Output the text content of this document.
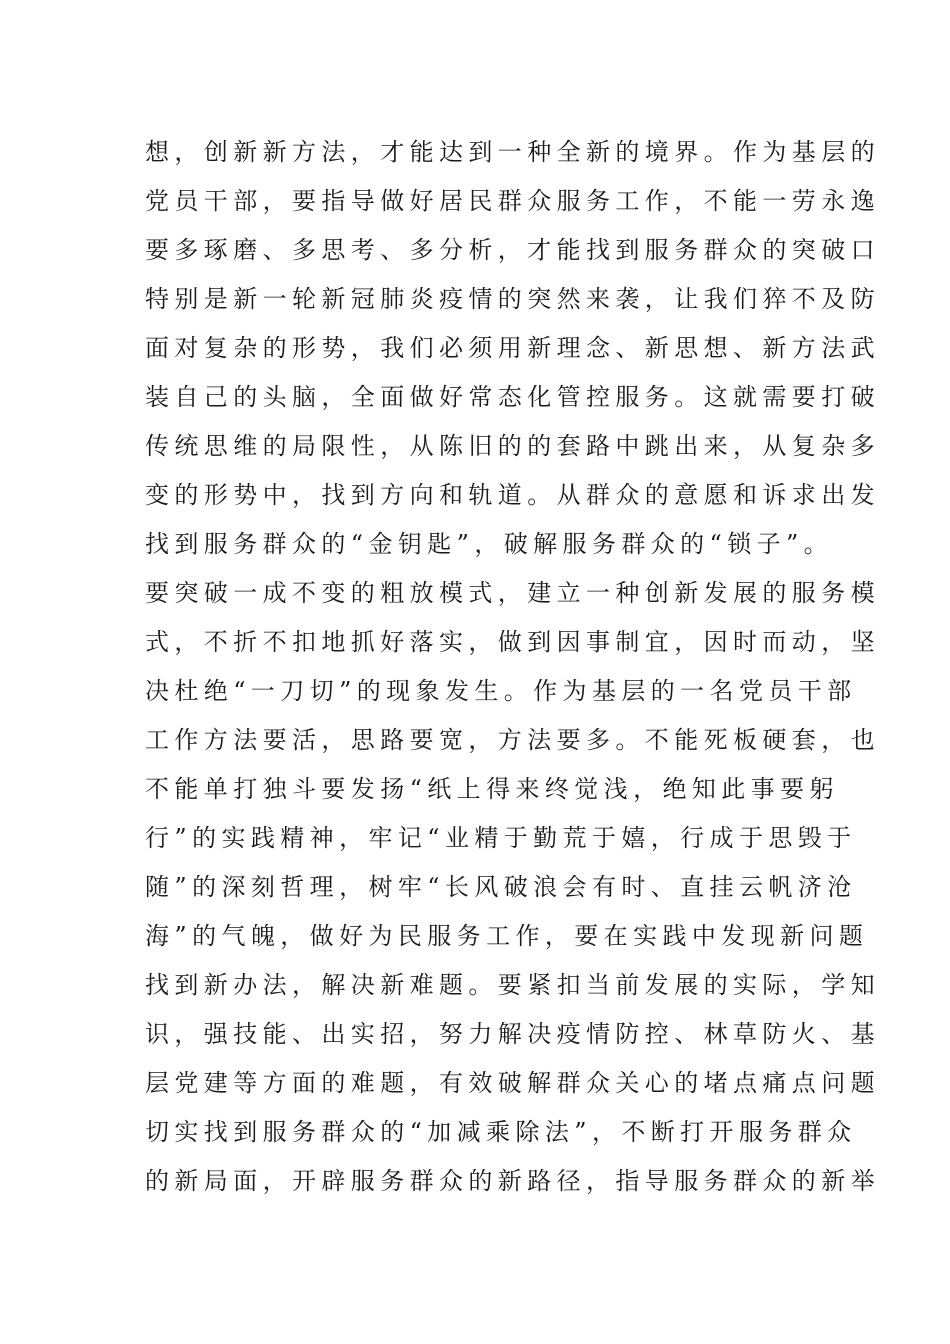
想，创新新方法，才能达到一种全新的境界。作为基层的
党员干部，要指导做好居民群众服务工作，不能一劳永逸
要多琢磨、多思考、多分析，才能找到服务群众的突破口
特别是新一轮新冠肺炎疫情的突然来袭，让我们猝不及防
面对复杂的形势，我们必须用新理念、新思想、新方法武
装自己的头脑，全面做好常态化管控服务。这就需要打破
传统思维的局限性，从陈旧的的套路中跳出来，从复杂多
变的形势中，找到方向和轨道。从群众的意愿和诉求出发
找到服务群众的“金钥匙”，破解服务群众的“锁子”。
要突破一成不变的粗放模式，建立一种创新发展的服务模
式，不折不扣地抓好落实，做到因事制宜，因时而动，坚
决杜绝“一刀切”的现象发生。作为基层的一名党员干部
工作方法要活，思路要宽，方法要多。不能死板硬套，也
不能单打独斗要发扬“纸上得来终觉浅，绝知此事要躬
行”的实践精神，牢记“业精于勤荒于嬉，行成于思毁于
随”的深刻哲理，树牢“长风破浪会有时、直挂云帆济沧
海”的气魄，做好为民服务工作，要在实践中发现新问题
找到新办法，解决新难题。要紧扣当前发展的实际，学知
识，强技能、出实招，努力解决疫情防控、林草防火、基
层党建等方面的难题，有效破解群众关心的堵点痛点问题
切实找到服务群众的“加减乘除法”，不断打开服务群众
的新局面，开辟服务群众的新路径，指导服务群众的新举
